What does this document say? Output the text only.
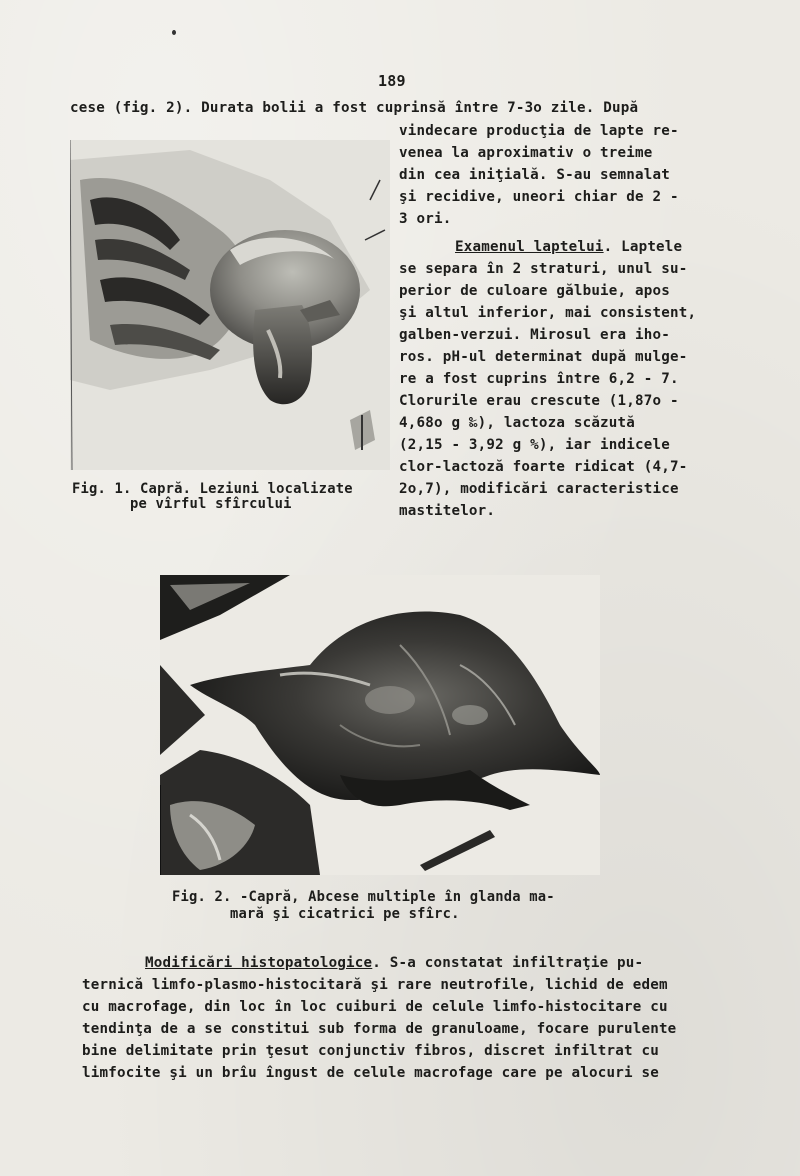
189
cese (fig. 2). Durata bolii a fost cuprinsă între 7-3o zile. După
vindecare producţia de lapte re-
venea la aproximativ o treime
din cea iniţială. S-au semnalat
şi recidive, uneori chiar de 2 -
3 ori.
Examenul laptelui. Laptele
se separa în 2 straturi, unul su-
perior de culoare gălbuie, apos
şi altul inferior, mai consistent,
galben-verzui. Mirosul era iho-
ros. pH-ul determinat după mulge-
re a fost cuprins între 6,2 - 7.
Clorurile erau crescute (1,87o -
4,68o g ‰), lactoza scăzută
(2,15 - 3,92 g %), iar indicele
clor-lactoză foarte ridicat (4,7-
2o,7), modificări caracteristice
mastitelor.
Fig. 1. Capră. Leziuni localizate
pe vîrful sfîrcului
Fig. 2. -Capră, Abcese multiple în glanda ma-
mară şi cicatrici pe sfîrc.
Modificări histopatologice. S-a constatat infiltraţie pu-
ternică limfo-plasmo-histocitară şi rare neutrofile, lichid de edem
cu macrofage, din loc în loc cuiburi de celule limfo-histocitare cu
tendinţa de a se constitui sub forma de granuloame, focare purulente
bine delimitate prin ţesut conjunctiv fibros, discret infiltrat cu
limfocite şi un brîu îngust de celule macrofage care pe alocuri se
